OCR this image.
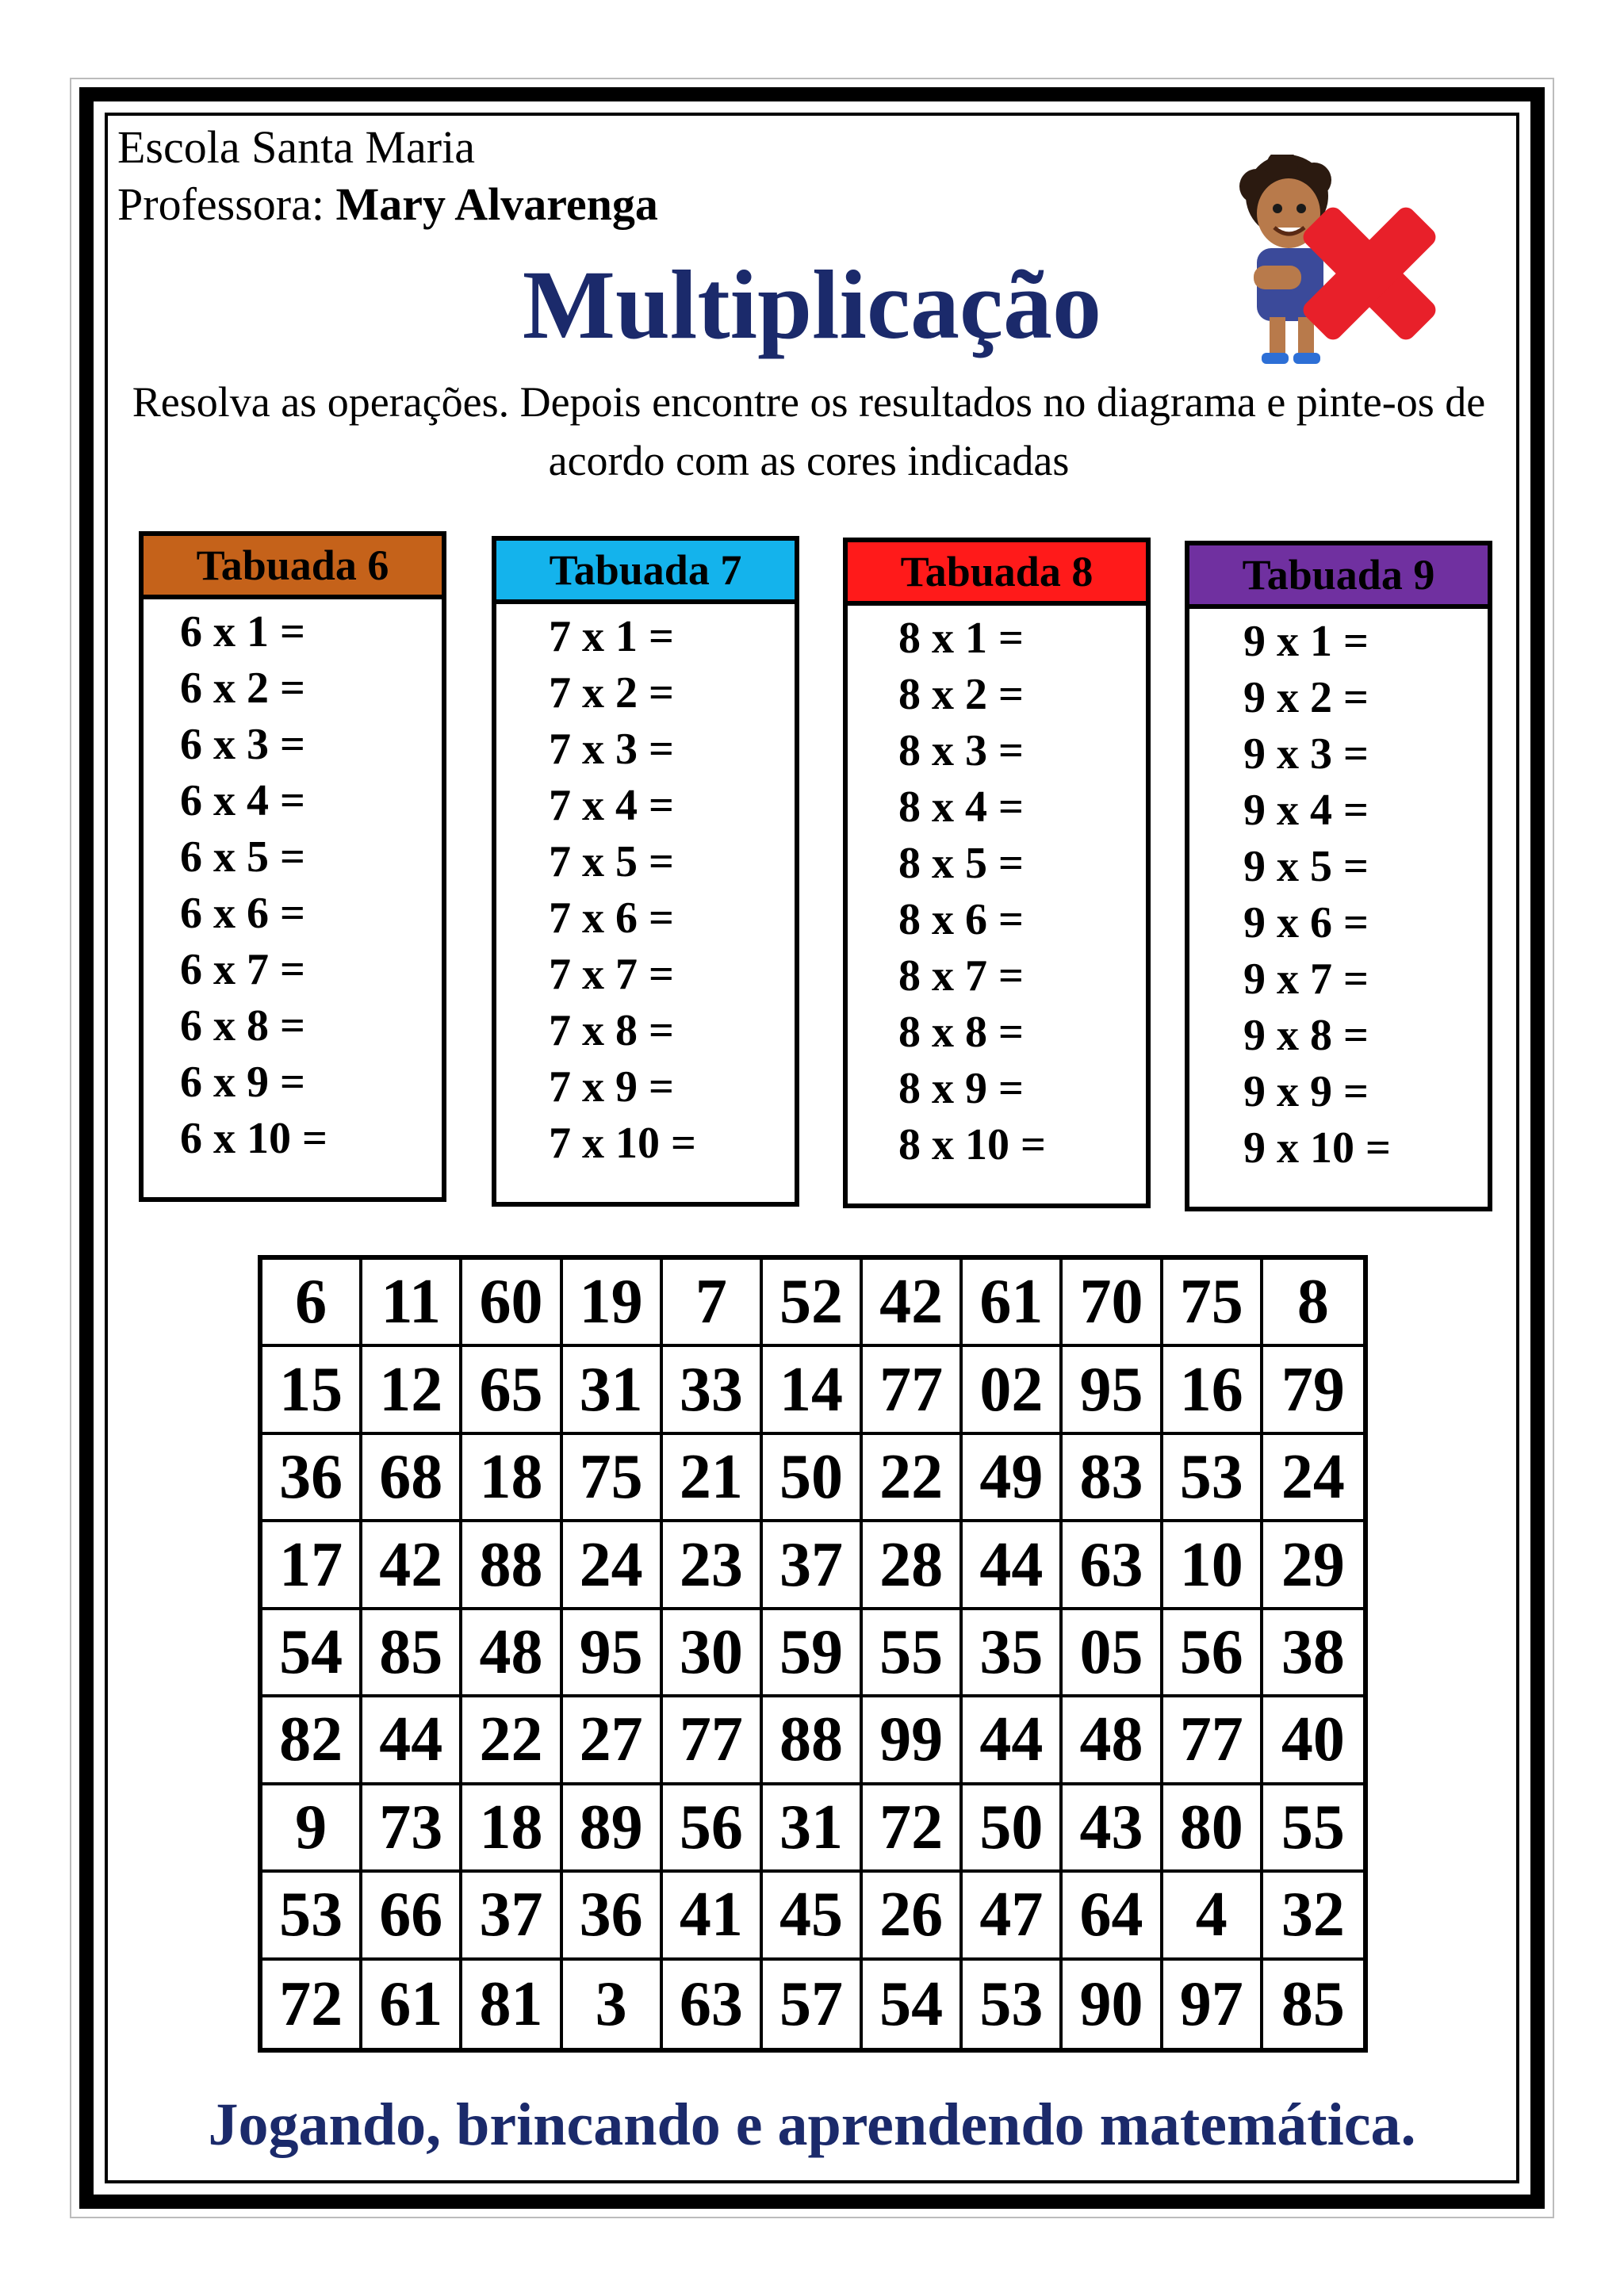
Escola Santa Maria
Professora: Mary Alvarenga
Multiplicação
Resolva as operações. Depois encontre os resultados no diagrama e pinte-os de acordo com as cores indicadas
Tabuada 6
6 x 1 =
6 x 2 =
6 x 3 =
6 x 4 =
6 x 5 =
6 x 6 =
6 x 7 =
6 x 8 =
6 x 9 =
6 x 10 =
Tabuada 7
7 x 1 =
7 x 2 =
7 x 3 =
7 x 4 =
7 x 5 =
7 x 6 =
7 x 7 =
7 x 8 =
7 x 9 =
7 x 10 =
Tabuada 8
8 x 1 =
8 x 2 =
8 x 3 =
8 x 4 =
8 x 5 =
8 x 6 =
8 x 7 =
8 x 8 =
8 x 9 =
8 x 10 =
Tabuada 9
9 x 1 =
9 x 2 =
9 x 3 =
9 x 4 =
9 x 5 =
9 x 6 =
9 x 7 =
9 x 8 =
9 x 9 =
9 x 10 =
6 11 60 19 7 52 42 61 70 75 8
15 12 65 31 33 14 77 02 95 16 79
36 68 18 75 21 50 22 49 83 53 24
17 42 88 24 23 37 28 44 63 10 29
54 85 48 95 30 59 55 35 05 56 38
82 44 22 27 77 88 99 44 48 77 40
9 73 18 89 56 31 72 50 43 80 55
53 66 37 36 41 45 26 47 64 4 32
72 61 81 3 63 57 54 53 90 97 85
Jogando, brincando e aprendendo matemática.
